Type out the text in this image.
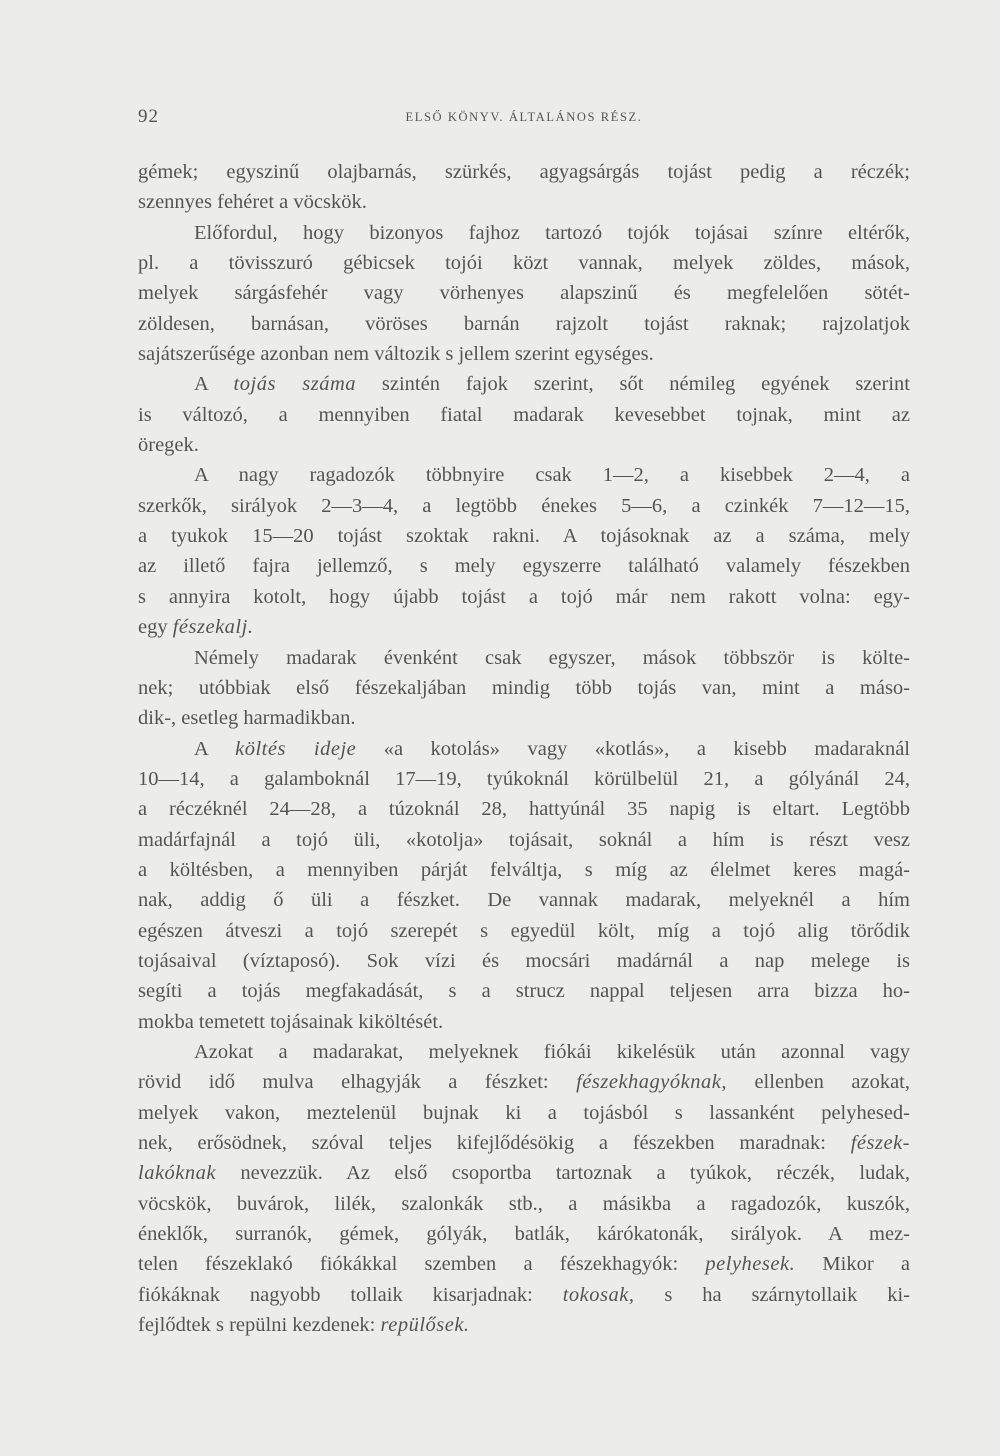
92	ELSŐ KÖNYV. ÁLTALÁNOS RÉSZ.
gémek; egyszinű olajbarnás, szürkés, agyagsárgás tojást pedig a réczék;
szennyes fehéret a vöcskök.
Előfordul, hogy bizonyos fajhoz tartozó tojók tojásai színre eltérők,
pl. a tövisszuró gébicsek tojói közt vannak, melyek zöldes, mások,
melyek sárgásfehér vagy vörhenyes alapszinű és megfelelően sötét-
zöldesen, barnásan, vöröses barnán rajzolt tojást raknak; rajzolatjok
sajátszerűsége azonban nem változik s jellem szerint egységes.
A tojás száma szintén fajok szerint, sőt némileg egyének szerint
is változó, a mennyiben fiatal madarak kevesebbet tojnak, mint az
öregek.
A nagy ragadozók többnyire csak 1—2, a kisebbek 2—4, a
szerkők, sirályok 2—3—4, a legtöbb énekes 5—6, a czinkék 7—12—15,
a tyukok 15—20 tojást szoktak rakni. A tojásoknak az a száma, mely
az illető fajra jellemző, s mely egyszerre található valamely fészekben
s annyira kotolt, hogy újabb tojást a tojó már nem rakott volna: egy-
egy fészekalj.
Némely madarak évenként csak egyszer, mások többször is költe-
nek; utóbbiak első fészekaljában mindig több tojás van, mint a máso-
dik-, esetleg harmadikban.
A költés ideje «a kotolás» vagy «kotlás», a kisebb madaraknál
10—14, a galamboknál 17—19, tyúkoknál körülbelül 21, a gólyánál 24,
a réczéknél 24—28, a túzoknál 28, hattyúnál 35 napig is eltart. Legtöbb
madárfajnál a tojó üli, «kotolja» tojásait, soknál a hím is részt vesz
a költésben, a mennyiben párját felváltja, s míg az élelmet keres magá-
nak, addig ő üli a fészket. De vannak madarak, melyeknél a hím
egészen átveszi a tojó szerepét s egyedül költ, míg a tojó alig törődik
tojásaival (víztaposó). Sok vízi és mocsári madárnál a nap melege is
segíti a tojás megfakadását, s a strucz nappal teljesen arra bizza ho-
mokba temetett tojásainak kiköltését.
Azokat a madarakat, melyeknek fiókái kikelésük után azonnal vagy
rövid idő mulva elhagyják a fészket: fészekhagyóknak, ellenben azokat,
melyek vakon, meztelenül bujnak ki a tojásból s lassanként pelyhesed-
nek, erősödnek, szóval teljes kifejlődésökig a fészekben maradnak: fészek-
lakóknak nevezzük. Az első csoportba tartoznak a tyúkok, réczék, ludak,
vöcskök, buvárok, lilék, szalonkák stb., a másikba a ragadozók, kuszók,
éneklők, surranók, gémek, gólyák, batlák, kárókatonák, sirályok. A mez-
telen fészeklakó fiókákkal szemben a fészekhagyók: pelyhesek. Mikor a
fiókáknak nagyobb tollaik kisarjadnak: tokosak, s ha szárnytollaik ki-
fejlődtek s repülni kezdenek: repülősek.
